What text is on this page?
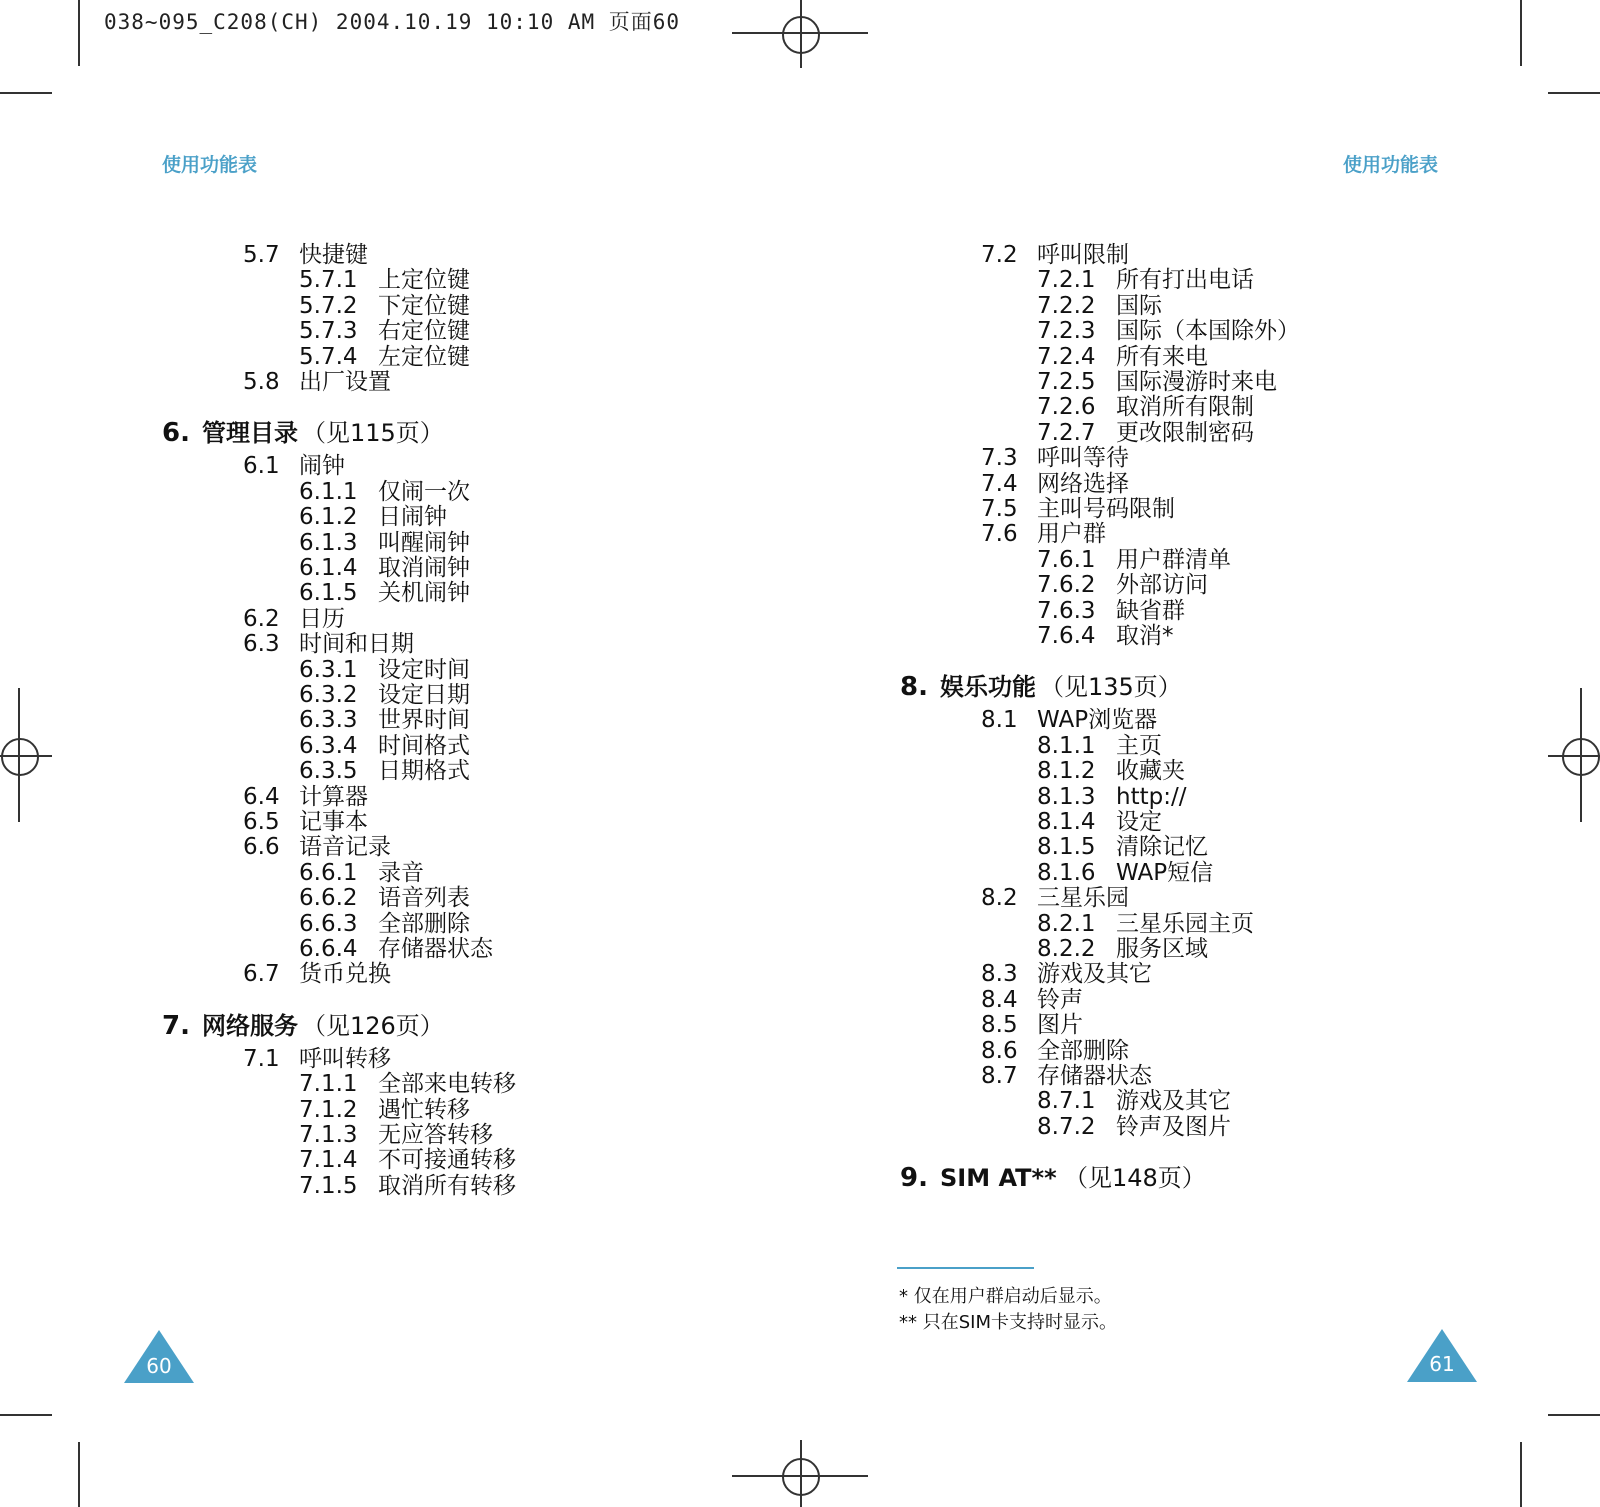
038~095_C208(CH) 2004.10.19 10:10 AM 页面60
使用功能表	使用功能表
5.7 快捷键
5.7.1 上定位键
5.7.2 下定位键
5.7.3 右定位键
5.7.4 左定位键
5.8 出厂设置
6. 管理目录 （见115页）
6.1 闹钟
6.1.1 仅闹一次
6.1.2 日闹钟
6.1.3 叫醒闹钟
6.1.4 取消闹钟
6.1.5 关机闹钟
6.2 日历
6.3 时间和日期
6.3.1 设定时间
6.3.2 设定日期
6.3.3 世界时间
6.3.4 时间格式
6.3.5 日期格式
6.4 计算器
6.5 记事本
6.6 语音记录
6.6.1 录音
6.6.2 语音列表
6.6.3 全部删除
6.6.4 存储器状态
6.7 货币兑换
7. 网络服务 （见126页）
7.1 呼叫转移
7.1.1 全部来电转移
7.1.2 遇忙转移
7.1.3 无应答转移
7.1.4 不可接通转移
7.1.5 取消所有转移
7.2 呼叫限制
7.2.1 所有打出电话
7.2.2 国际
7.2.3 国际（本国除外）
7.2.4 所有来电
7.2.5 国际漫游时来电
7.2.6 取消所有限制
7.2.7 更改限制密码
7.3 呼叫等待
7.4 网络选择
7.5 主叫号码限制
7.6 用户群
7.6.1 用户群清单
7.6.2 外部访问
7.6.3 缺省群
7.6.4 取消*
8. 娱乐功能 （见135页）
8.1 WAP浏览器
8.1.1 主页
8.1.2 收藏夹
8.1.3 http://
8.1.4 设定
8.1.5 清除记忆
8.1.6 WAP短信
8.2 三星乐园
8.2.1 三星乐园主页
8.2.2 服务区域
8.3 游戏及其它
8.4 铃声
8.5 图片
8.6 全部删除
8.7 存储器状态
8.7.1 游戏及其它
8.7.2 铃声及图片
9. SIM AT** （见148页）
* 仅在用户群启动后显示。
** 只在SIM卡支持时显示。
60	61
